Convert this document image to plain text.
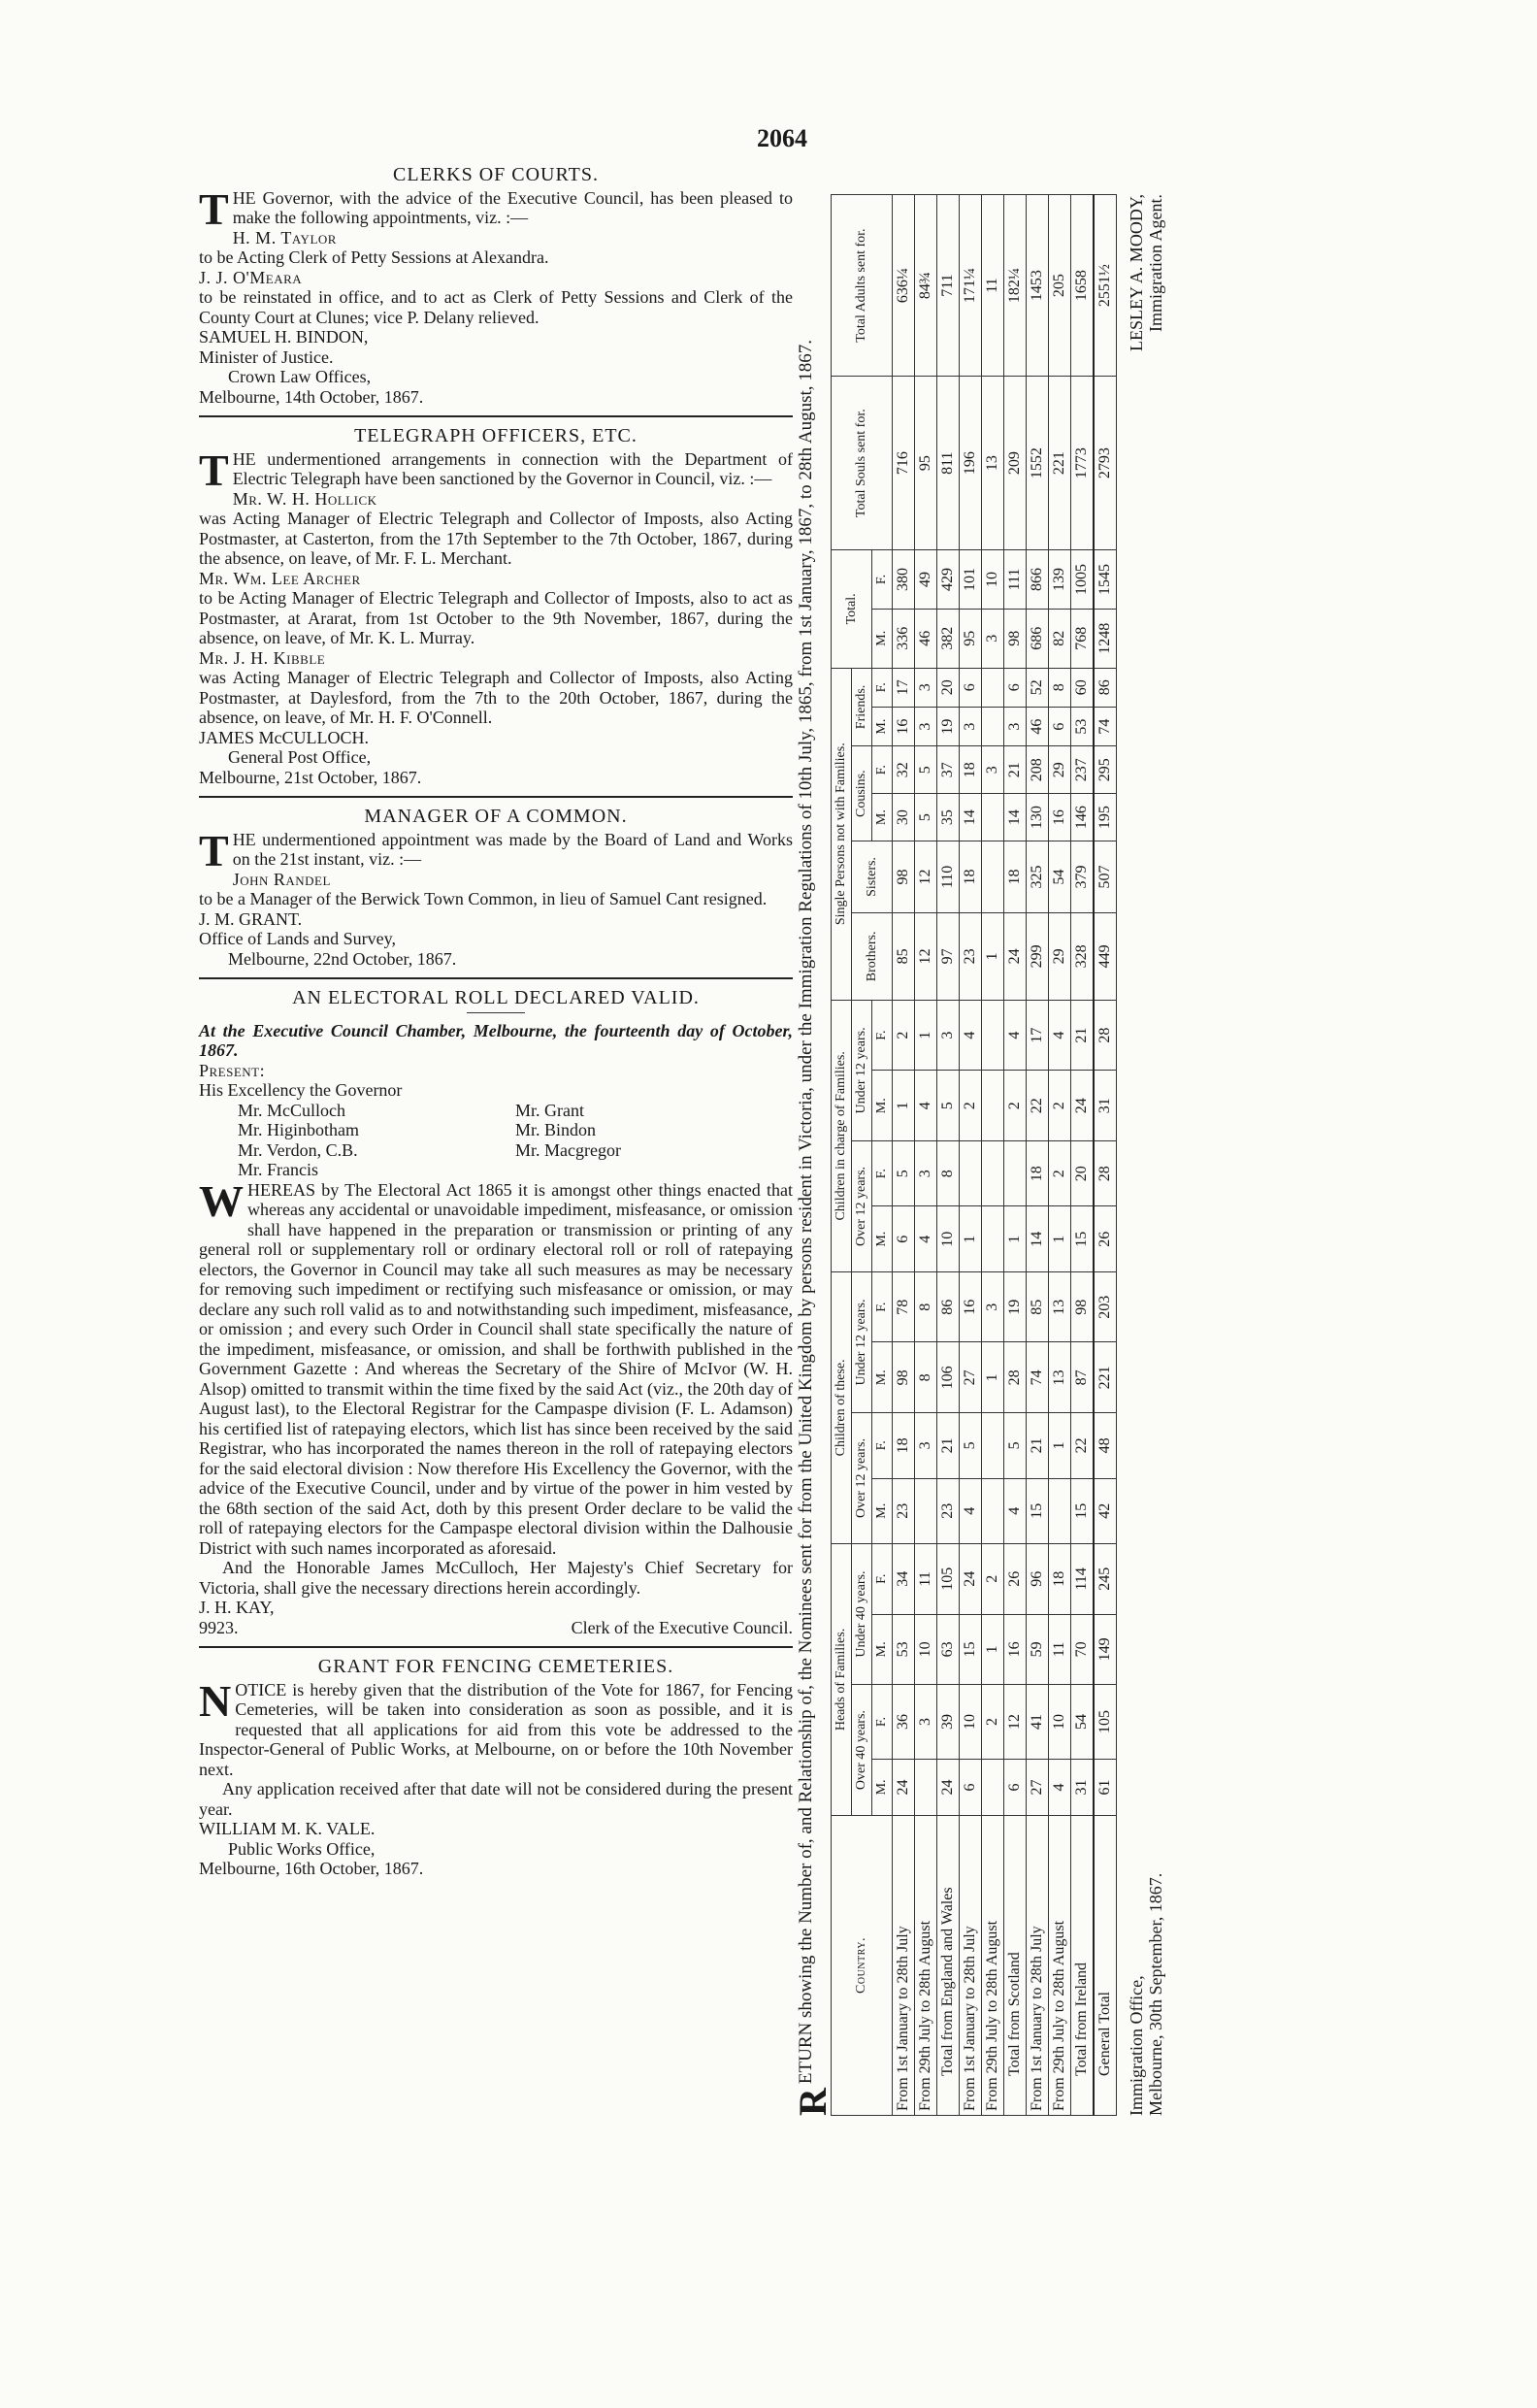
2064
CLERKS OF COURTS.

THE Governor, with the advice of the Executive Council, has been pleased to make the following appointments, viz. :—

H. M. Taylor

to be Acting Clerk of Petty Sessions at Alexandra.

J. J. O'Meara

to be reinstated in office, and to act as Clerk of Petty Sessions and Clerk of the County Court at Clunes; vice P. Delany relieved.

SAMUEL H. BINDON,

Minister of Justice.

Crown Law Offices,

Melbourne, 14th October, 1867.

TELEGRAPH OFFICERS, ETC.

THE undermentioned arrangements in connection with the Department of Electric Telegraph have been sanctioned by the Governor in Council, viz. :—

Mr. W. H. Hollick

was Acting Manager of Electric Telegraph and Collector of Imposts, also Acting Postmaster, at Casterton, from the 17th September to the 7th October, 1867, during the absence, on leave, of Mr. F. L. Merchant.

Mr. Wm. Lee Archer

to be Acting Manager of Electric Telegraph and Collector of Imposts, also to act as Postmaster, at Ararat, from 1st October to the 9th November, 1867, during the absence, on leave, of Mr. K. L. Murray.

Mr. J. H. Kibble

was Acting Manager of Electric Telegraph and Collector of Imposts, also Acting Postmaster, at Daylesford, from the 7th to the 20th October, 1867, during the absence, on leave, of Mr. H. F. O'Connell.

JAMES McCULLOCH.

General Post Office,

Melbourne, 21st October, 1867.

MANAGER OF A COMMON.

THE undermentioned appointment was made by the Board of Land and Works on the 21st instant, viz. :—

John Randel

to be a Manager of the Berwick Town Common, in lieu of Samuel Cant resigned.

J. M. GRANT.

Office of Lands and Survey,

Melbourne, 22nd October, 1867.

AN ELECTORAL ROLL DECLARED VALID.

At the Executive Council Chamber, Melbourne, the fourteenth day of October, 1867.

Present:

His Excellency the Governor

Mr. McCulloch	Mr. Grant
Mr. Higinbotham	Mr. Bindon
Mr. Verdon, C.B.	Mr. Macgregor
Mr. Francis

WHEREAS by The Electoral Act 1865 it is amongst other things enacted that whereas any accidental or unavoidable impediment, misfeasance, or omission shall have happened in the preparation or transmission or printing of any general roll or supplementary roll or ordinary electoral roll or roll of ratepaying electors, the Governor in Council may take all such measures as may be necessary for removing such impediment or rectifying such misfeasance or omission, or may declare any such roll valid as to and notwithstanding such impediment, misfeasance, or omission ; and every such Order in Council shall state specifically the nature of the impediment, misfeasance, or omission, and shall be forthwith published in the Government Gazette : And whereas the Secretary of the Shire of McIvor (W. H. Alsop) omitted to transmit within the time fixed by the said Act (viz., the 20th day of August last), to the Electoral Registrar for the Campaspe division (F. L. Adamson) his certified list of ratepaying electors, which list has since been received by the said Registrar, who has incorporated the names thereon in the roll of ratepaying electors for the said electoral division : Now therefore His Excellency the Governor, with the advice of the Executive Council, under and by virtue of the power in him vested by the 68th section of the said Act, doth by this present Order declare to be valid the roll of ratepaying electors for the Campaspe electoral division within the Dalhousie District with such names incorporated as aforesaid.

And the Honorable James McCulloch, Her Majesty's Chief Secretary for Victoria, shall give the necessary directions herein accordingly.

J. H. KAY,

9923.	Clerk of the Executive Council.
GRANT FOR FENCING CEMETERIES.

NOTICE is hereby given that the distribution of the Vote for 1867, for Fencing Cemeteries, will be taken into consideration as soon as possible, and it is requested that all applications for aid from this vote be addressed to the Inspector-General of Public Works, at Melbourne, on or before the 10th November next.

Any application received after that date will not be considered during the present year.

WILLIAM M. K. VALE.

Public Works Office,

Melbourne, 16th October, 1867.

R
ETURN showing the Number of, and Relationship of, the Nominees sent for from the United Kingdom by persons resident in Victoria, under the Immigration Regulations of 10th July, 1865, from 1st January, 1867, to 28th August, 1867.	Country.	Heads of Families.				Children of these.				Children in charge of Families.				Single Persons not with Families.						Total.		Total Souls sent for.	Total Adults sent for.
	Over 40 years.		Under 40 years.		Over 12 years.		Under 12 years.		Over 12 years.		Under 12 years.		Brothers.	Sisters.	Cousins.		Friends.					
	M.	F.	M.	F.	M.	F.	M.	F.	M.	F.	M.	F.			M.	F.	M.	F.	M.	F.		
From 1st January to 28th July	24	36	53	34	23	18	98	78	6	5	1	2	85	98	30	32	16	17	336	380	716	636¼
From 29th July to 28th August		3	10	11		3	8	8	4	3	4	1	12	12	5	5	3	3	46	49	95	84¾
Total from England and Wales	24	39	63	105	23	21	106	86	10	8	5	3	97	110	35	37	19	20	382	429	811	711
From 1st January to 28th July	6	10	15	24	4	5	27	16	1		2	4	23	18	14	18	3	6	95	101	196	171¼
From 29th July to 28th August		2	1	2			1	3					1			3			3	10	13	11
Total from Scotland	6	12	16	26	4	5	28	19	1		2	4	24	18	14	21	3	6	98	111	209	182¼
From 1st January to 28th July	27	41	59	96	15	21	74	85	14	18	22	17	299	325	130	208	46	52	686	866	1552	1453
From 29th July to 28th August	4	10	11	18		1	13	13	1	2	2	4	29	54	16	29	6	8	82	139	221	205
Total from Ireland	31	54	70	114	15	22	87	98	15	20	24	21	328	379	146	237	53	60	768	1005	1773	1658
General Total	61	105	149	245	42	48	221	203	26	28	31	28	449	507	195	295	74	86	1248	1545	2793	2551½
Immigration Office, Melbourne, 30th September, 1867.
LESLEY A. MOODY, Immigration Agent.
